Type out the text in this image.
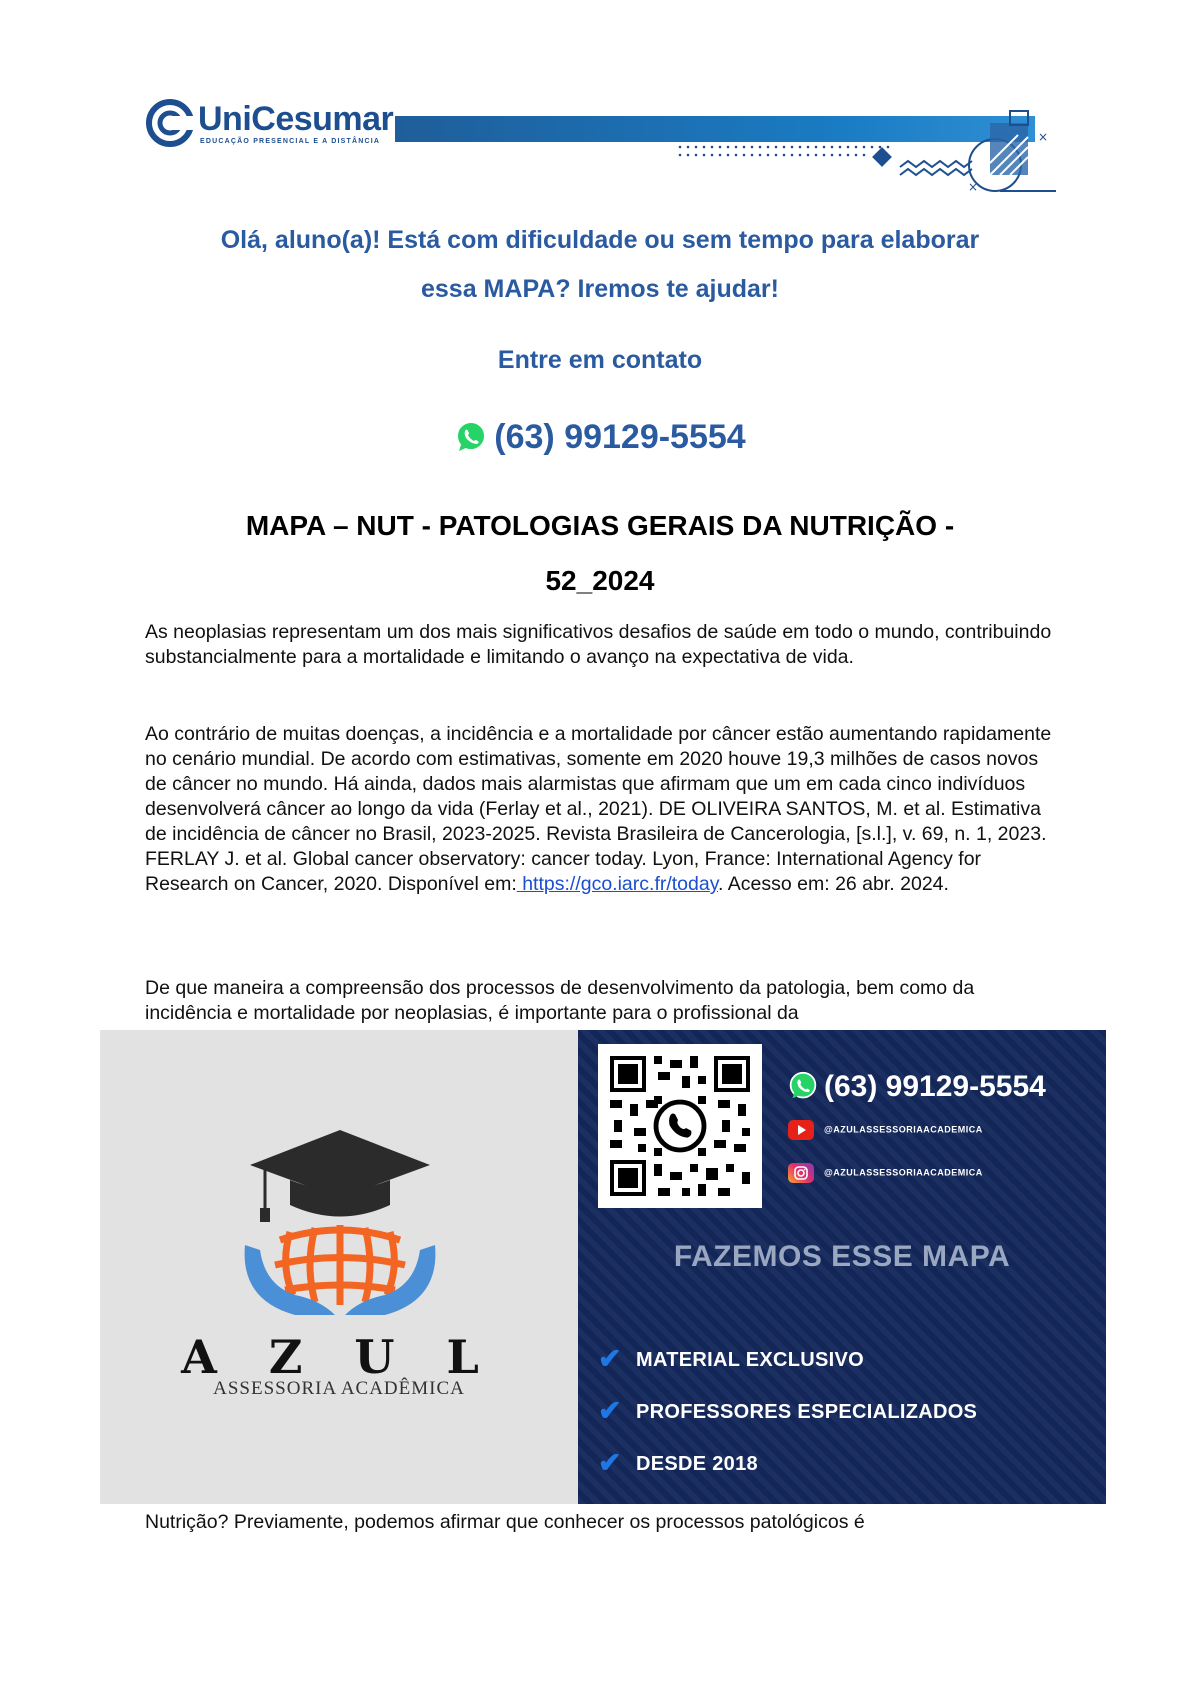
UniCesumar
EDUCAÇÃO PRESENCIAL E A DISTÂNCIA	×
×
Olá, aluno(a)! Está com dificuldade ou sem tempo para elaborar
essa MAPA? Iremos te ajudar!
Entre em contato
(63) 99129-5554
MAPA – NUT - PATOLOGIAS GERAIS DA NUTRIÇÃO -
52_2024

As neoplasias representam um dos mais significativos desafios de saúde em todo o mundo, contribuindo substancialmente para a mortalidade e limitando o avanço na expectativa de vida.

Ao contrário de muitas doenças, a incidência e a mortalidade por câncer estão aumentando rapidamente no cenário mundial. De acordo com estimativas, somente em 2020 houve 19,3 milhões de casos novos de câncer no mundo. Há ainda, dados mais alarmistas que afirmam que um em cada cinco indivíduos desenvolverá câncer ao longo da vida (Ferlay et al., 2021). DE OLIVEIRA SANTOS, M. et al. Estimativa de incidência de câncer no Brasil, 2023-2025. Revista Brasileira de Cancerologia, [s.l.], v. 69, n. 1, 2023.

FERLAY J. et al. Global cancer observatory: cancer today. Lyon, France: International Agency for Research on Cancer, 2020. Disponível em: https://gco.iarc.fr/today. Acesso em: 26 abr. 2024.

De que maneira a compreensão dos processos de desenvolvimento da patologia, bem como da incidência e mortalidade por neoplasias, é importante para o profissional da

A Z U L
ASSESSORIA ACADÊMICA
(63) 99129-5554
@AZULASSESSORIAACADEMICA
@AZULASSESSORIAACADEMICA
FAZEMOS ESSE MAPA
✔ MATERIAL EXCLUSIVO
✔ PROFESSORES ESPECIALIZADOS
✔ DESDE 2018

Nutrição? Previamente, podemos afirmar que conhecer os processos patológicos é
